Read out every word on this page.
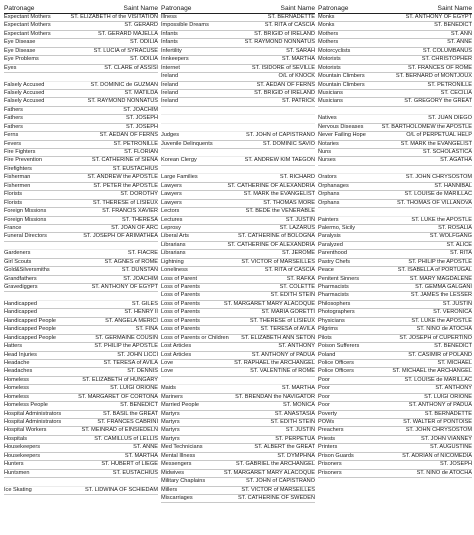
Patronage	Saint Name
Expectant Mothers	ST. ELIZABETH of the VISITATION
Expectant Mothers	ST. GERARD
Expectant Mothers	ST. GERARD MAJELLA
Eye Disease	ST. ODILIA
Eye Disease	ST. LUCIA of SYRACUSE
Eye Problems	ST. ODILIA
Eyes	ST. CLARE of ASSISI
Falsely Accused	ST. DOMINIC de GUZMAN
Falsely Accused	ST. MATILDA
Falsely Accused	ST. RAYMOND NONNATUS
Fathers	ST. JOACHIM
Fathers	ST. JOSEPH
Fathers	ST. JOSEPH
Ferns	ST. AEDAN OF FERNS
Fevers	ST. PETRONILLE
Fire Fighters	ST. FLORIAN
Fire Prevention	ST. CATHERINE of SIENA
Firefighters	ST. EUSTACHIUS
Fisherman	ST. ANDREW the APOSTLE
Fishermen	ST. PETER the APOSTLE
Florists	ST. DOROTHY
Florists	ST. THERESE of LISIEUX
Foreign Missions	ST. FRANCIS XAVIER
Foreign Missions	ST. THERESA
France	ST. JOAN OF ARC
Funeral Directors	ST. JOSEPH OF ARIMATHEA
Gardeners	ST. FIACRE
Girl Scouts	ST. AGNES of ROME
Gold&Silversmiths	ST. DUNSTAN
Grandfathers	ST. JOACHIM
Gravediggers	ST. ANTHONY OF EGYPT
Handicapped	ST. GILES
Handicapped	ST. HENRY II
Handicapped People	ST. ANGELA MERICI
Handicapped People	ST. FINA
Handicapped People	ST. GERMAINE COUSIN
Hatters	ST. PHILIP the APOSTLE
Head Injuries	ST. JOHN LICCI
Headache	ST. TERESA of AVILA
Headaches	ST. DENNIS
Homeless	ST. ELIZABETH of HUNGARY
Homeless	ST. LUIGI ORIONE
Homeless	ST. MARGARET OF CORTONA
Homeless People	ST. BENEDICT
Hospital Administrators	ST. BASIL the GREAT
Hospital Administrators	ST. FRANCES CABRINI
Hospital Workers	ST. MEINRAD of EINSIEDELN
Hospitals	ST. CAMILLUS of LELLIS
Housekeepers	ST. ANNE
Housekeepers	ST. MARTHA
Hunters	ST. HUBERT of LIEGE
Huntsmen	ST. EUSTACHIUS
Ice Skating	ST. LIDWINA OF SCHIEDAM
Patronage	Saint Name
Illness	ST. BERNADETTE
Impossible Dreams	ST. RITA of CASCIA
Infants	ST. BRIGID of IRELAND
Infants	ST. RAYMOND NONNATUS
Infertility	ST. SARAH
Innkeepers	ST. MARTHA
Internet	ST. ISIDORE of SEVILLE
Ireland	O/L of KNOCK
Ireland	ST. AEDAN OF FERNS
Ireland	ST. BRIGID of IRELAND
Ireland	ST. PATRICK
Judges	ST. JOHN of CAPISTRANO
Juvenile Delinquents	ST. DOMINIC SAVIO
Korean Clergy	ST. ANDREW KIM TAEGON
Large Families	ST. RICHARD
Lawyers	ST. CATHERINE OF ALEXANDRIA
Lawyers	ST. MARK the EVANGELIST
Lawyers	ST. THOMAS MORE
Lectors	ST. BEDE the VENERABLE
Lectures	ST. JUSTIN
Leprosy	ST. LAZARUS
Liberal Arts	ST. CATHERINE of BOLOGNA
Librarians	ST. CATHERINE OF ALEXANDRIA
Librarians	ST. JEROME
Lightning	ST. VICTOR of MARSEILLES
Loneliness	ST. RITA of CASCIA
Loss of Parent	ST. RAFKA
Loss of Parents	ST. COLETTE
Loss of Parents	ST. EDITH STEIN
Loss of Parents	ST. MARGARET MARY ALACOQUE
Loss of Parents	ST. MARIA GORETTI
Loss of Parents	ST. THERESE of LISIEUX
Loss of Parents	ST. TERESA of AVILA
Loss of Parents or Children ST. ELIZABETH ANN SETON
Lost Articles	ST. ANTHONY
Lost Articles	ST. ANTHONY of PADUA
Love	ST. RAPHAEL the ARCHANGEL
Love	ST. VALENTINE of ROME
Maids	ST. MARTHA
Mariners	ST. BRENDAN the NAVIGATOR
Married People	ST. MONICA
Martyrs	ST. ANASTASIA
Martyrs	ST. EDITH STEIN
Martyrs	ST. JUSTIN
Martyrs	ST. PERPETUA
Med Technicians	ST. ALBERT the GREAT
Mental Illness	ST. DYMPHNA
Messengers	ST. GABRIEL the ARCHANGEL
Midwives	ST. MARGARET MARY ALACOQUE
Military Chaplains	ST. JOHN of CAPISTRANO
Millers	ST. VICTOR of MARSEILLES
Miscarriages	ST. CATHERINE OF SWEDEN
Patronage	Saint Name
Monks	ST. ANTHONY OF EGYPT
Monks	ST. BENEDICT
Mothers	ST. ANN
Mothers	ST. ANNE
Motorcyclists	ST. COLUMBANUS
Motorists	ST. CHRISTOPHER
Motorists	ST. FRANCES OF ROME
Mountain Climbers	ST. BERNARD of MONTJOUX
Mountain Climbers	ST. PETRONILLE
Musicians	ST. CECILIA
Musicians	ST. GREGORY the GREAT
Natives	ST. JUAN DIEGO
Nervous Diseases	ST. BARTHOLOMEW the APOSTLE
Never Failing Hope	O/L of PERPETUAL HELP
Notaries	ST. MARK the EVANGELIST
Nuns	ST. SCHOLASTICA
Nurses	ST. AGATHA
Orators	ST. JOHN CHRYSOSTOM
Orphanages	ST. HANNIBAL
Orphans	ST. LOUISE de MARILLAC
Orphans	ST. THOMAS OF VILLANOVA
Painters	ST. LUKE the APOSTLE
Palermo, Sicily	ST. ROSALIA
Paralysis	ST. WOLFGANG
Paralyzed	ST. ALICE
Parenthood	ST. RITA
Pastry Chefs	ST. PHILIP the APOSTLE
Peace	ST. ISABELLA of PORTUGAL
Penitent Sinners	ST. MARY MAGDALENE
Pharmacists	ST. GEMMA GALGANI
Pharmacists	ST. JAMES the LESSER
Philosophers	ST. JUSTIN
Photographers	ST. VERONICA
Physicians	ST. LUKE the APOSTLE
Pilgrims	ST. NINO de ATOCHA
Pilots	ST. JOSEPH of CUPERTINO
Poison Sufferers	ST. BENEDICT
Poland	ST. CASIMIR of POLAND
Police Officers	ST. MICHAEL
Police Officers	ST. MICHAEL the ARCHANGEL
Poor	ST. LOUISE de MARILLAC
Poor	ST. ANTHONY
Poor	ST. LUIGI ORIONE
Poor	ST. ANTHONY of PADUA
Poverty	ST. BERNADETTE
POWs	ST. WALTER of PONTOISE
Preachers	ST. JOHN CHRYSOSTOM
Priests	ST. JOHN VIANNEY
Printers	ST. AUGUSTINE
Prison Guards	ST. ADRIAN of NICOMEDIA
Prisoners	ST. JOSEPH
Prisoners	ST. NINO de ATOCHA
